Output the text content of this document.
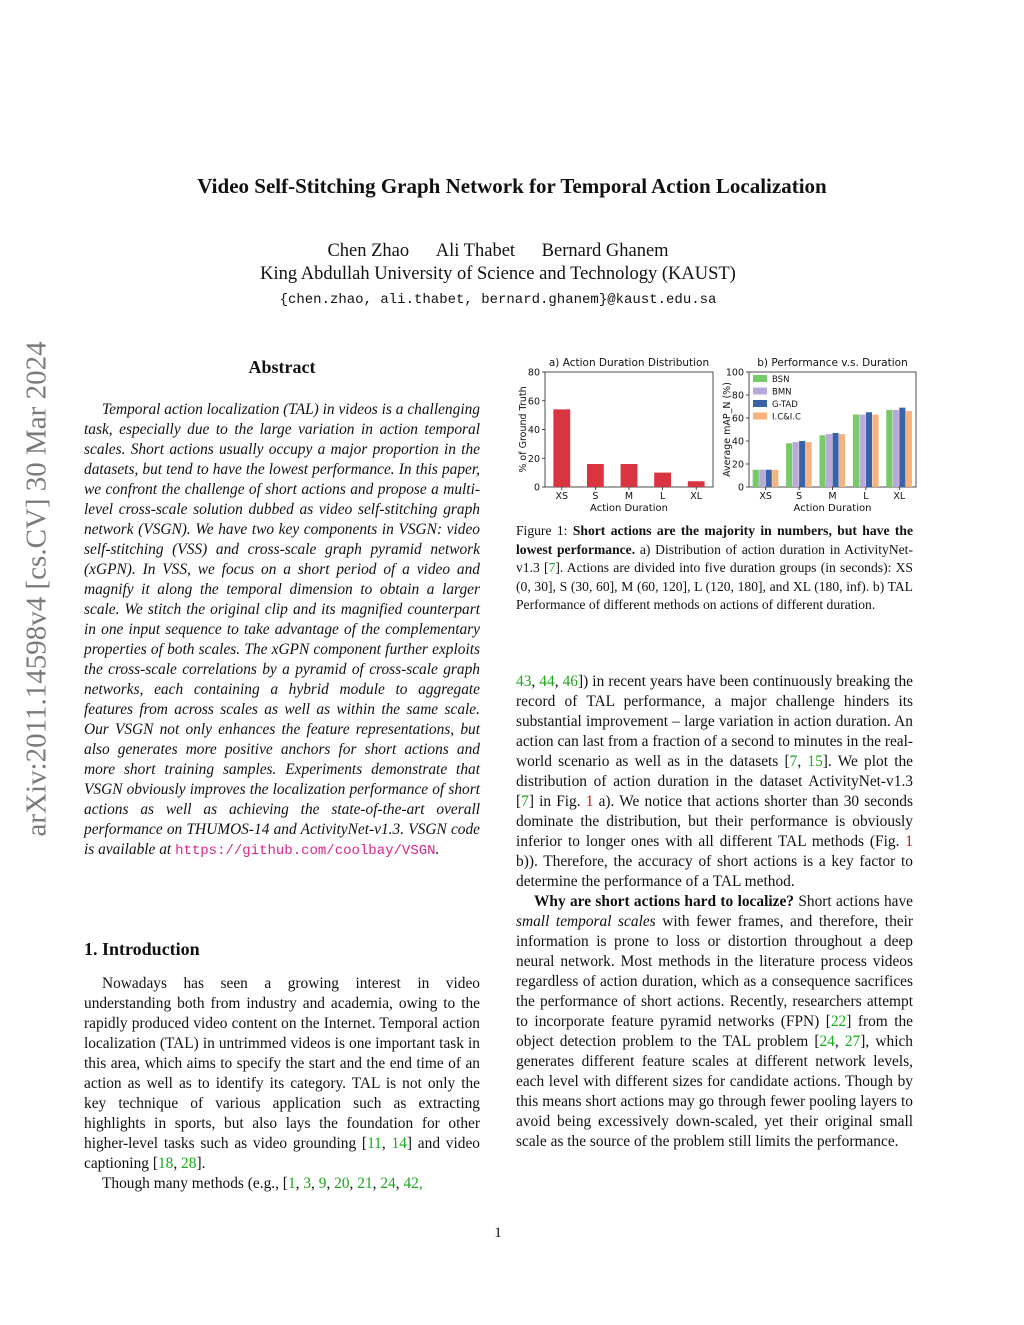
arXiv:2011.14598v4 [cs.CV] 30 Mar 2024
Video Self-Stitching Graph Network for Temporal Action Localization
Chen Zhao Ali Thabet Bernard Ghanem
King Abdullah University of Science and Technology (KAUST)
{chen.zhao, ali.thabet, bernard.ghanem}@kaust.edu.sa
Abstract

Temporal action localization (TAL) in videos is a challenging task, especially due to the large variation in action temporal scales. Short actions usually occupy a major proportion in the datasets, but tend to have the lowest performance. In this paper, we confront the challenge of short actions and propose a multi-level cross-scale solution dubbed as video self-stitching graph network (VSGN). We have two key components in VSGN: video self-stitching (VSS) and cross-scale graph pyramid network (xGPN). In VSS, we focus on a short period of a video and magnify it along the temporal dimension to obtain a larger scale. We stitch the original clip and its magnified counterpart in one input sequence to take advantage of the complementary properties of both scales. The xGPN component further exploits the cross-scale correlations by a pyramid of cross-scale graph networks, each containing a hybrid module to aggregate features from across scales as well as within the same scale. Our VSGN not only enhances the feature representations, but also generates more positive anchors for short actions and more short training samples. Experiments demonstrate that VSGN obviously improves the localization performance of short actions as well as achieving the state-of-the-art overall performance on THUMOS-14 and ActivityNet-v1.3. VSGN code is available at https://github.com/coolbay/VSGN.

1. Introduction

Nowadays has seen a growing interest in video understanding both from industry and academia, owing to the rapidly produced video content on the Internet. Temporal action localization (TAL) in untrimmed videos is one important task in this area, which aims to specify the start and the end time of an action as well as to identify its category. TAL is not only the key technique of various application such as extracting highlights in sports, but also lays the foundation for other higher-level tasks such as video grounding [11, 14] and video captioning [18, 28].

Though many methods (e.g., [1, 3, 9, 20, 21, 24, 42,

a) Action Duration Distribution
0
20
40
60
80
% of Ground Truth
XS	S	M	L	XL
Action Duration
b) Performance v.s. Duration
0
20
40
60
80
100
Average mAP_N (%)
XS	S	M	L	XL
Action Duration
BSN
BMN
G-TAD
I.C&I.C
Figure 1: Short actions are the majority in numbers, but have the lowest performance. a) Distribution of action duration in ActivityNet-v1.3 [7]. Actions are divided into five duration groups (in seconds): XS (0, 30], S (30, 60], M (60, 120], L (120, 180], and XL (180, inf). b) TAL Performance of different methods on actions of different duration.

43, 44, 46]) in recent years have been continuously breaking the record of TAL performance, a major challenge hinders its substantial improvement – large variation in action duration. An action can last from a fraction of a second to minutes in the real-world scenario as well as in the datasets [7, 15]. We plot the distribution of action duration in the dataset ActivityNet-v1.3 [7] in Fig. 1 a). We notice that actions shorter than 30 seconds dominate the distribution, but their performance is obviously inferior to longer ones with all different TAL methods (Fig. 1 b)). Therefore, the accuracy of short actions is a key factor to determine the performance of a TAL method.

Why are short actions hard to localize? Short actions have small temporal scales with fewer frames, and therefore, their information is prone to loss or distortion throughout a deep neural network. Most methods in the literature process videos regardless of action duration, which as a consequence sacrifices the performance of short actions. Recently, researchers attempt to incorporate feature pyramid networks (FPN) [22] from the object detection problem to the TAL problem [24, 27], which generates different feature scales at different network levels, each level with different sizes for candidate actions. Though by this means short actions may go through fewer pooling layers to avoid being excessively down-scaled, yet their original small scale as the source of the problem still limits the performance.

1
